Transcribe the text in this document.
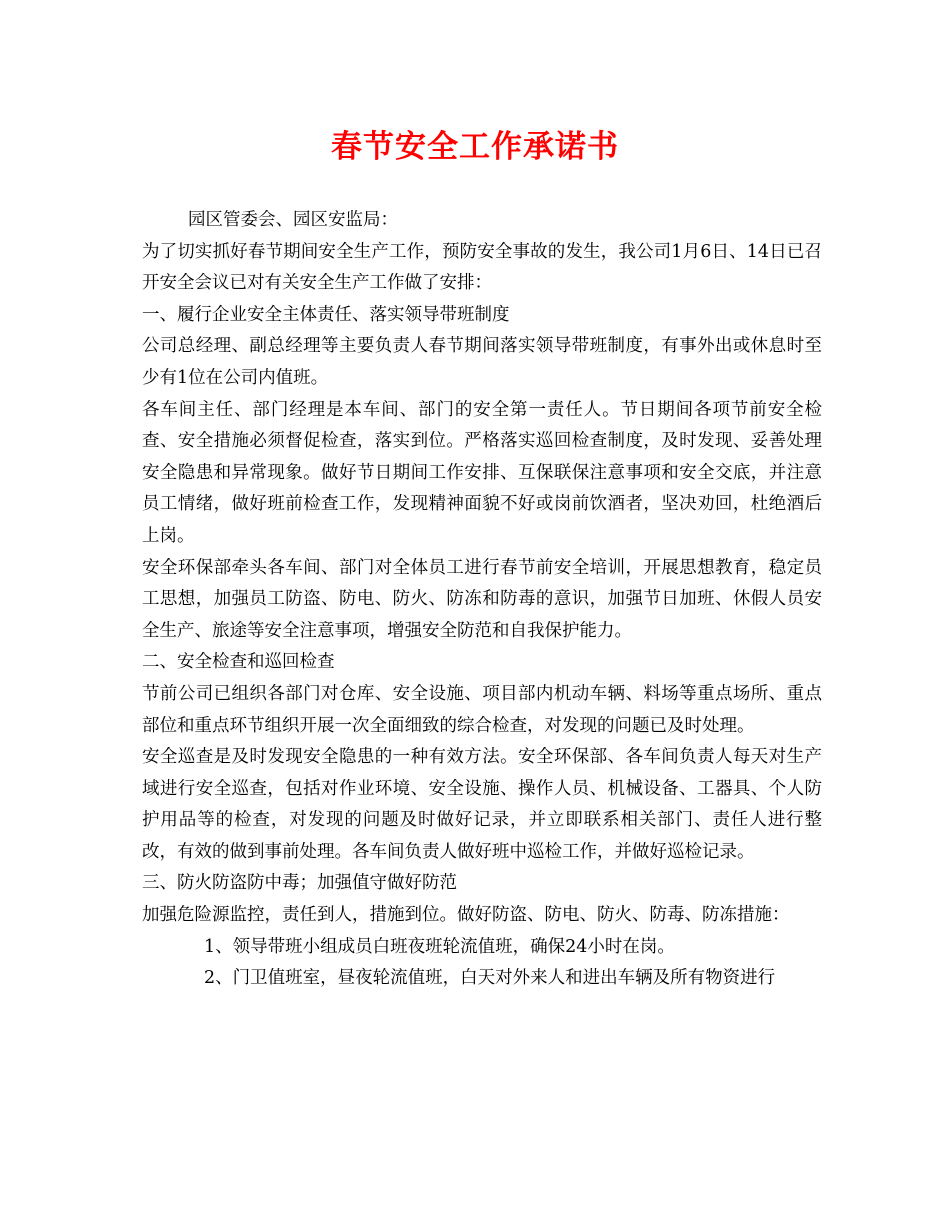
春节安全工作承诺书

园区管委会、园区安监局：

为了切实抓好春节期间安全生产工作，预防安全事故的发生，我公司1月6日、14日已召开安全会议已对有关安全生产工作做了安排：

一、履行企业安全主体责任、落实领导带班制度

公司总经理、副总经理等主要负责人春节期间落实领导带班制度，有事外出或休息时至少有1位在公司内值班。

各车间主任、部门经理是本车间、部门的安全第一责任人。节日期间各项节前安全检查、安全措施必须督促检查，落实到位。严格落实巡回检查制度，及时发现、妥善处理安全隐患和异常现象。做好节日期间工作安排、互保联保注意事项和安全交底，并注意员工情绪，做好班前检查工作，发现精神面貌不好或岗前饮酒者，坚决劝回，杜绝酒后上岗。

安全环保部牵头各车间、部门对全体员工进行春节前安全培训，开展思想教育，稳定员工思想，加强员工防盗、防电、防火、防冻和防毒的意识，加强节日加班、休假人员安全生产、旅途等安全注意事项，增强安全防范和自我保护能力。

二、安全检查和巡回检查

节前公司已组织各部门对仓库、安全设施、项目部内机动车辆、料场等重点场所、重点部位和重点环节组织开展一次全面细致的综合检查，对发现的问题已及时处理。

安全巡查是及时发现安全隐患的一种有效方法。安全环保部、各车间负责人每天对生产域进行安全巡查，包括对作业环境、安全设施、操作人员、机械设备、工器具、个人防护用品等的检查，对发现的问题及时做好记录，并立即联系相关部门、责任人进行整改，有效的做到事前处理。各车间负责人做好班中巡检工作，并做好巡检记录。

三、防火防盗防中毒；加强值守做好防范

加强危险源监控，责任到人，措施到位。做好防盗、防电、防火、防毒、防冻措施：

1、领导带班小组成员白班夜班轮流值班，确保24小时在岗。

2、门卫值班室，昼夜轮流值班，白天对外来人和进出车辆及所有物资进行
